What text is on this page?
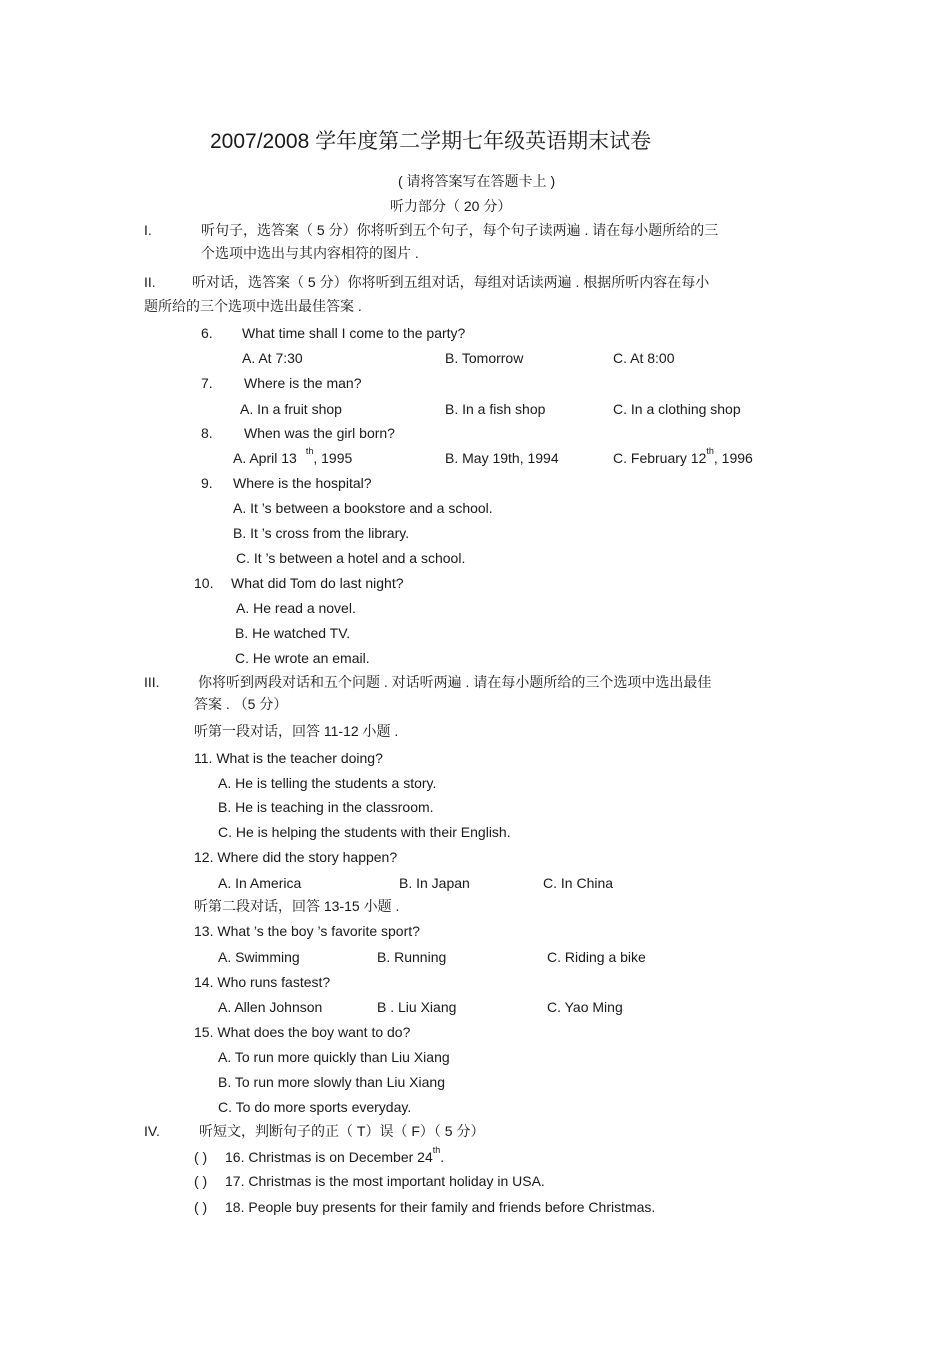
2007/2008 学年度第二学期七年级英语期末试卷
( 请将答案写在答题卡上 )
听力部分（ 20 分）
I.	听句子，选答案（ 5 分）你将听到五个句子，每个句子读两遍 . 请在每小题所给的三
个选项中选出与其内容相符的图片 .
II.	听对话，选答案（ 5 分）你将听到五组对话，每组对话读两遍 . 根据所听内容在每小
题所给的三个选项中选出最佳答案 .
6. What time shall I come to the party?
A. At 7:30	B. Tomorrow	C. At 8:00
7. Where is the man?
A. In a fruit shop	B. In a fish shop	C. In a clothing shop
8. When was the girl born?
A. April 13 $^{th}$, 1995	B. May 19th, 1994	C. February 12th, 1996
9. Where is the hospital?
A. It ’s between a bookstore and a school.
B. It ’s cross from the library.
C. It ’s between a hotel and a school.
10. What did Tom do last night?
A. He read a novel.
B. He watched TV.
C. He wrote an email.
III.	你将听到两段对话和五个问题 . 对话听两遍 . 请在每小题所给的三个选项中选出最佳
答案 . （5 分）
听第一段对话，回答 11-12 小题 .
11. What is the teacher doing?
A. He is telling the students a story.
B. He is teaching in the classroom.
C. He is helping the students with their English.
12. Where did the story happen?
A. In America	B. In Japan	C. In China
听第二段对话，回答 13-15 小题 .
13. What ’s the boy ’s favorite sport?
A. Swimming	B. Running	C. Riding a bike
14. Who runs fastest?
A. Allen Johnson	B . Liu Xiang	C. Yao Ming
15. What does the boy want to do?
A. To run more quickly than Liu Xiang
B. To run more slowly than Liu Xiang
C. To do more sports everyday.
IV.	听短文，判断句子的正（ T）误（ F）（ 5 分）
( ) 16. Christmas is on December 24th.
( ) 17. Christmas is the most important holiday in USA.
( ) 18. People buy presents for their family and friends before Christmas.
